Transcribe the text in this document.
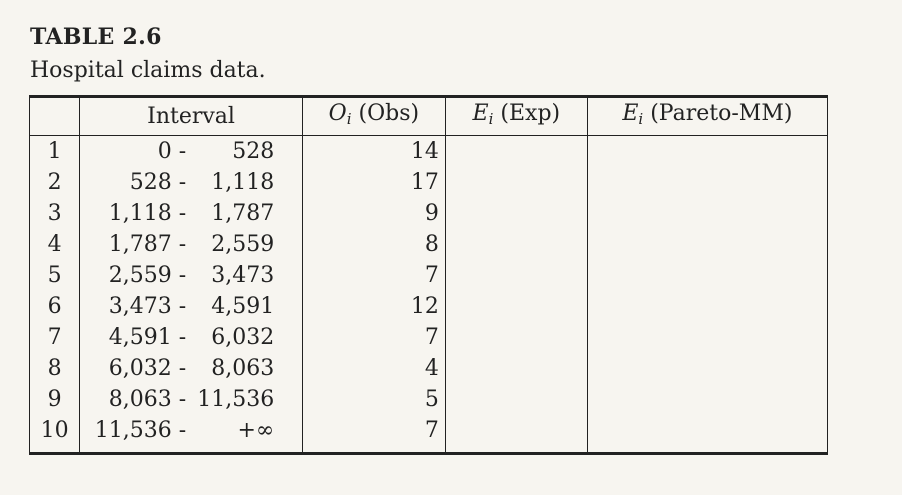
TABLE 2.6
Hospital claims data.
	Interval	$O_i$ (Obs)	$E_i$ (Exp)	$E_i$ (Pareto-MM)
1	0 - 528	14		
2	528 - 1,118	17		
3	1,118 - 1,787	9		
4	1,787 - 2,559	8		
5	2,559 - 3,473	7		
6	3,473 - 4,591	12		
7	4,591 - 6,032	7		
8	6,032 - 8,063	4		
9	8,063 - 11,536	5		
10	11,536 - +∞	7		
